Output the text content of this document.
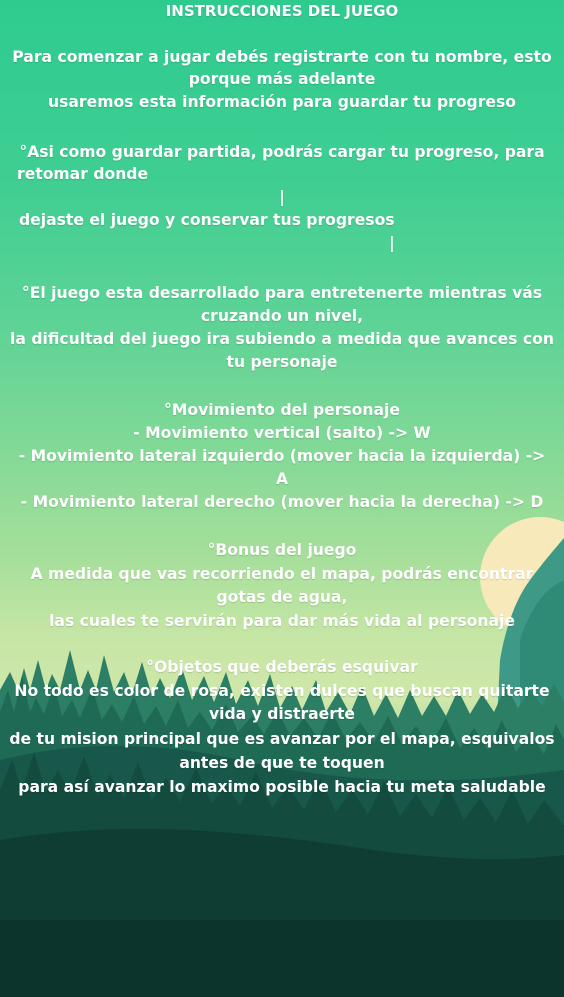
INSTRUCCIONES DEL JUEGO
Para comenzar a jugar debés registrarte con tu nombre, esto
porque más adelante
usaremos esta información para guardar tu progreso
°Asi como guardar partida, podrás cargar tu progreso, para
retomar donde
|
dejaste el juego y conservar tus progresos
|
°El juego esta desarrollado para entretenerte mientras vás
cruzando un nivel,
la dificultad del juego ira subiendo a medida que avances con
tu personaje
°Movimiento del personaje
- Movimiento vertical (salto) -> W
- Movimiento lateral izquierdo (mover hacia la izquierda) ->
A
- Movimiento lateral derecho (mover hacia la derecha) -> D
°Bonus del juego
A medida que vas recorriendo el mapa, podrás encontrar
gotas de agua,
las cuales te servirán para dar más vida al personaje
°Objetos que deberás esquivar
No todo es color de rosa, existen dulces que buscan quitarte
vida y distraerte
de tu mision principal que es avanzar por el mapa, esquivalos
antes de que te toquen
para así avanzar lo maximo posible hacia tu meta saludable
